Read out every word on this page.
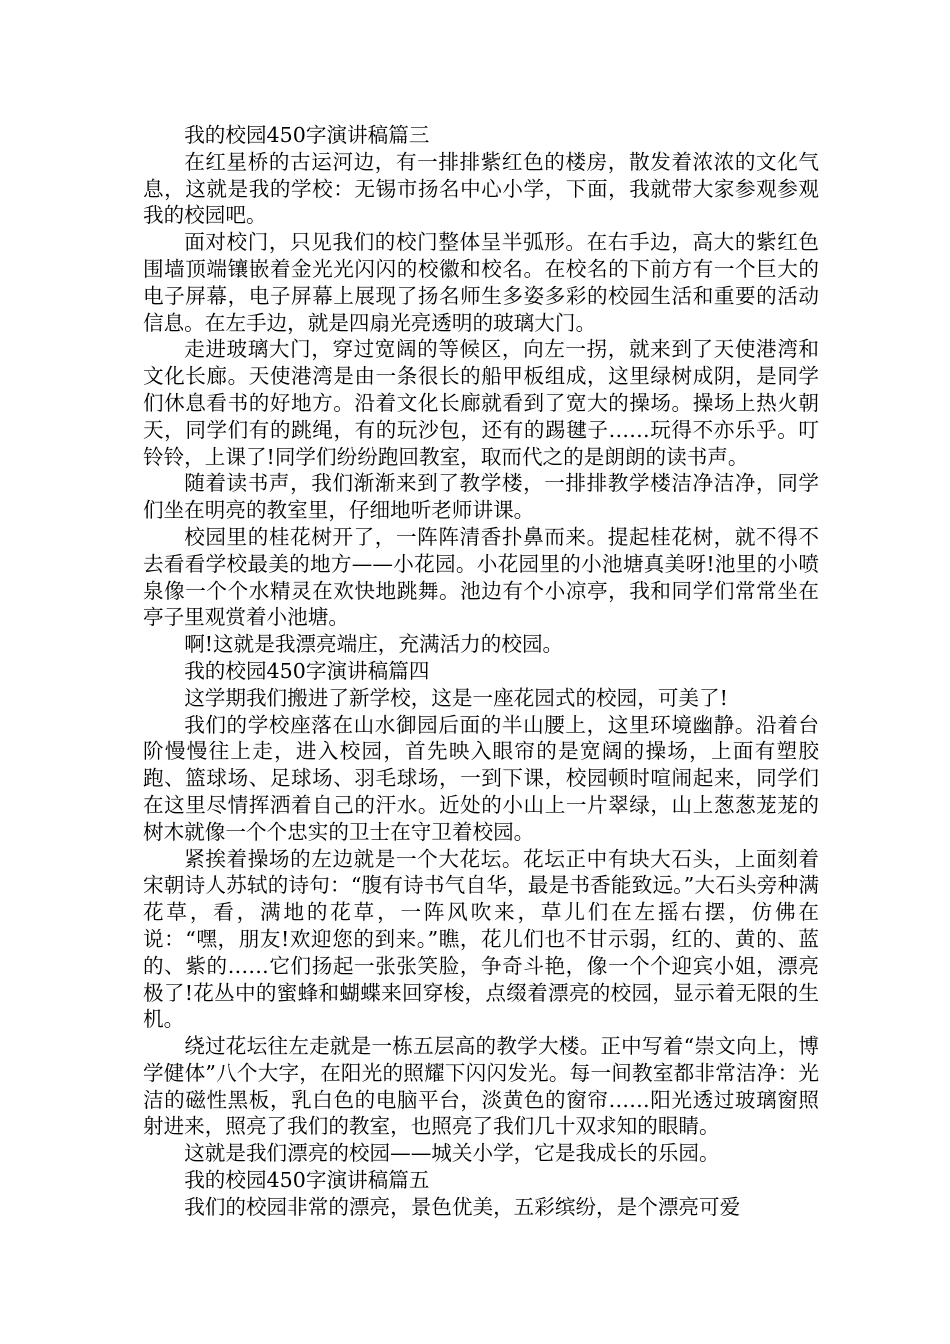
我的校园450字演讲稿篇三

在红星桥的古运河边，有一排排紫红色的楼房，散发着浓浓的文化气息，这就是我的学校：无锡市扬名中心小学，下面，我就带大家参观参观我的校园吧。

面对校门，只见我们的校门整体呈半弧形。在右手边，高大的紫红色围墙顶端镶嵌着金光光闪闪的校徽和校名。在校名的下前方有一个巨大的电子屏幕，电子屏幕上展现了扬名师生多姿多彩的校园生活和重要的活动信息。在左手边，就是四扇光亮透明的玻璃大门。

走进玻璃大门，穿过宽阔的等候区，向左一拐，就来到了天使港湾和文化长廊。天使港湾是由一条很长的船甲板组成，这里绿树成阴，是同学们休息看书的好地方。沿着文化长廊就看到了宽大的操场。操场上热火朝天，同学们有的跳绳，有的玩沙包，还有的踢毽子……玩得不亦乐乎。叮铃铃，上课了!同学们纷纷跑回教室，取而代之的是朗朗的读书声。

随着读书声，我们渐渐来到了教学楼，一排排教学楼洁净洁净，同学们坐在明亮的教室里，仔细地听老师讲课。

校园里的桂花树开了，一阵阵清香扑鼻而来。提起桂花树，就不得不去看看学校最美的地方——小花园。小花园里的小池塘真美呀!池里的小喷泉像一个个水精灵在欢快地跳舞。池边有个小凉亭，我和同学们常常坐在亭子里观赏着小池塘。

啊!这就是我漂亮端庄，充满活力的校园。

我的校园450字演讲稿篇四

这学期我们搬进了新学校，这是一座花园式的校园，可美了!

我们的学校座落在山水御园后面的半山腰上，这里环境幽静。沿着台阶慢慢往上走，进入校园，首先映入眼帘的是宽阔的操场，上面有塑胶跑、篮球场、足球场、羽毛球场，一到下课，校园顿时喧闹起来，同学们在这里尽情挥洒着自己的汗水。近处的小山上一片翠绿，山上葱葱茏茏的树木就像一个个忠实的卫士在守卫着校园。

紧挨着操场的左边就是一个大花坛。花坛正中有块大石头，上面刻着宋朝诗人苏轼的诗句：“腹有诗书气自华，最是书香能致远。”大石头旁种满花草，看，满地的花草，一阵风吹来，草儿们在左摇右摆，仿佛在说：“嘿，朋友!欢迎您的到来。”瞧，花儿们也不甘示弱，红的、黄的、蓝的、紫的……它们扬起一张张笑脸，争奇斗艳，像一个个迎宾小姐，漂亮极了!花丛中的蜜蜂和蝴蝶来回穿梭，点缀着漂亮的校园，显示着无限的生机。

绕过花坛往左走就是一栋五层高的教学大楼。正中写着“崇文向上，博学健体”八个大字，在阳光的照耀下闪闪发光。每一间教室都非常洁净：光洁的磁性黑板，乳白色的电脑平台，淡黄色的窗帘……阳光透过玻璃窗照射进来，照亮了我们的教室，也照亮了我们几十双求知的眼睛。

这就是我们漂亮的校园——城关小学，它是我成长的乐园。

我的校园450字演讲稿篇五

我们的校园非常的漂亮，景色优美，五彩缤纷，是个漂亮可爱
